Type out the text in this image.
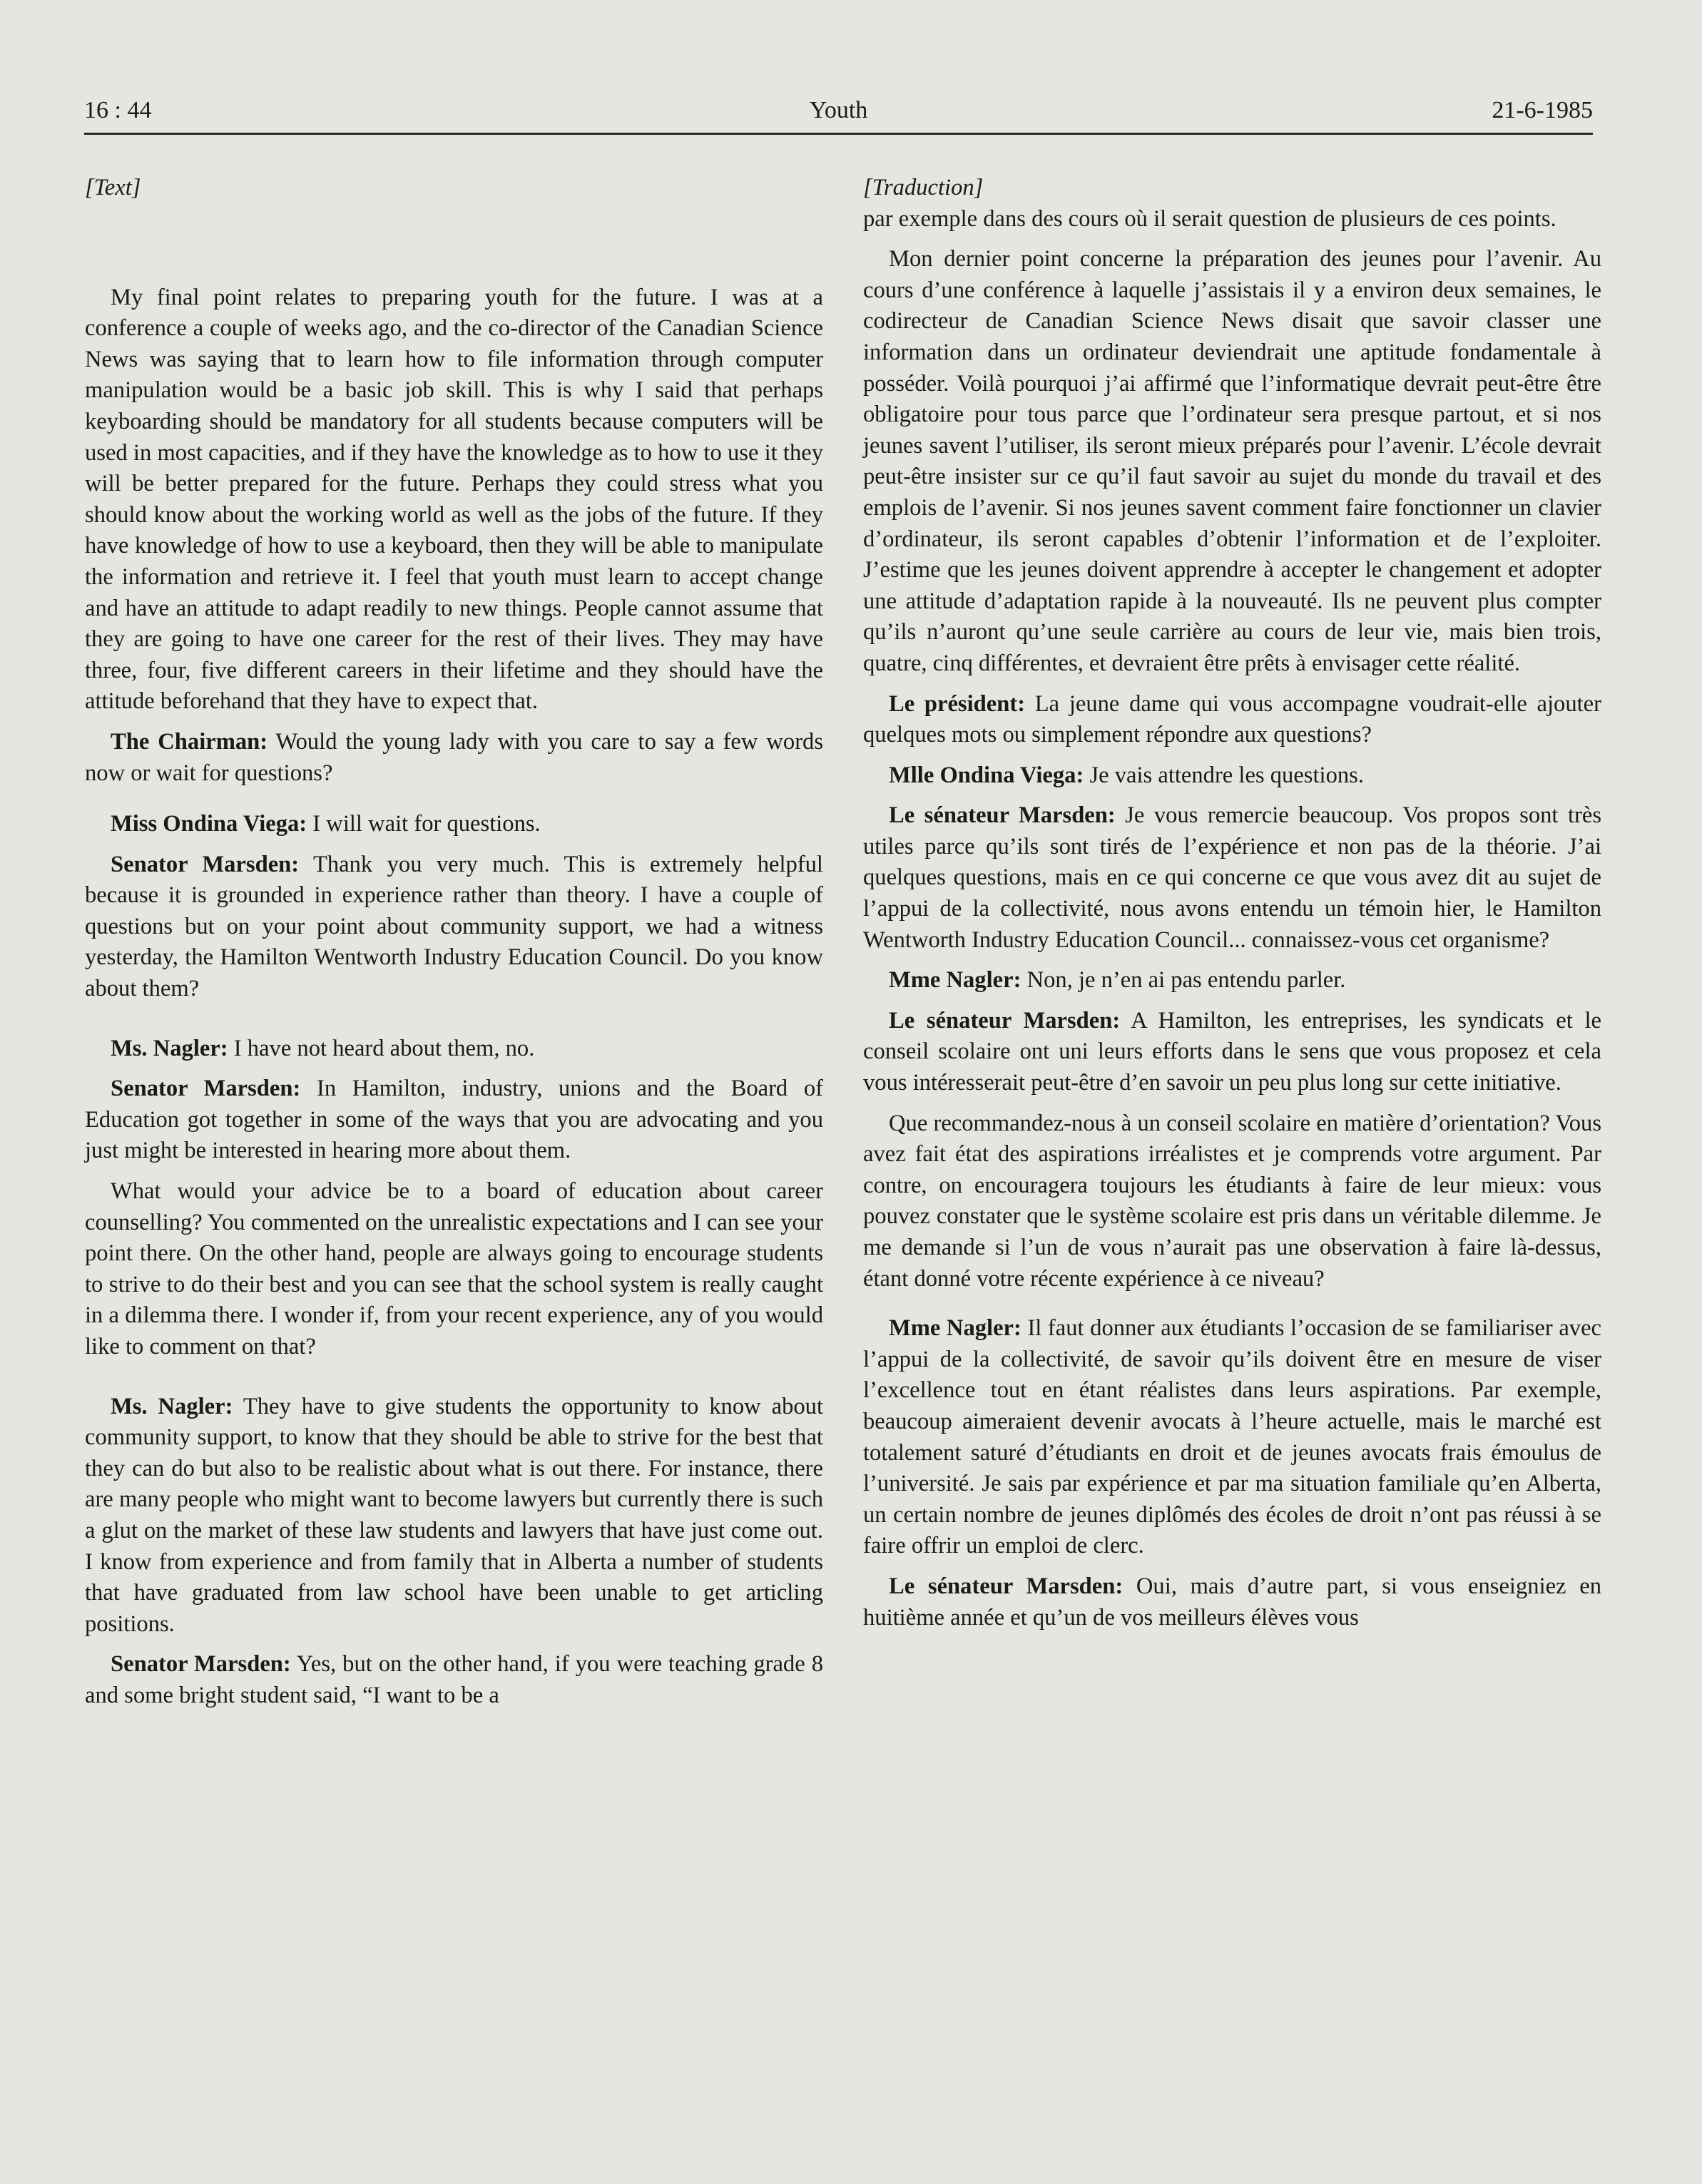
16 : 44	Youth	21-6-1985
[Text]

My final point relates to preparing youth for the future. I was at a conference a couple of weeks ago, and the co-director of the Canadian Science News was saying that to learn how to file information through computer manipulation would be a basic job skill. This is why I said that perhaps keyboarding should be mandatory for all students because computers will be used in most capacities, and if they have the knowledge as to how to use it they will be better prepared for the future. Perhaps they could stress what you should know about the working world as well as the jobs of the future. If they have knowledge of how to use a keyboard, then they will be able to manipulate the information and retrieve it. I feel that youth must learn to accept change and have an attitude to adapt readily to new things. People cannot assume that they are going to have one career for the rest of their lives. They may have three, four, five different careers in their lifetime and they should have the attitude beforehand that they have to expect that.

The Chairman: Would the young lady with you care to say a few words now or wait for questions?

Miss Ondina Viega: I will wait for questions.

Senator Marsden: Thank you very much. This is extremely helpful because it is grounded in experience rather than theory. I have a couple of questions but on your point about community support, we had a witness yesterday, the Hamilton Wentworth Industry Education Council. Do you know about them?

Ms. Nagler: I have not heard about them, no.

Senator Marsden: In Hamilton, industry, unions and the Board of Education got together in some of the ways that you are advocating and you just might be interested in hearing more about them.

What would your advice be to a board of education about career counselling? You commented on the unrealistic expectations and I can see your point there. On the other hand, people are always going to encourage students to strive to do their best and you can see that the school system is really caught in a dilemma there. I wonder if, from your recent experience, any of you would like to comment on that?

Ms. Nagler: They have to give students the opportunity to know about community support, to know that they should be able to strive for the best that they can do but also to be realistic about what is out there. For instance, there are many people who might want to become lawyers but currently there is such a glut on the market of these law students and lawyers that have just come out. I know from experience and from family that in Alberta a number of students that have graduated from law school have been unable to get articling positions.

Senator Marsden: Yes, but on the other hand, if you were teaching grade 8 and some bright student said, “I want to be a

[Traduction]

par exemple dans des cours où il serait question de plusieurs de ces points.

Mon dernier point concerne la préparation des jeunes pour l’avenir. Au cours d’une conférence à laquelle j’assistais il y a environ deux semaines, le codirecteur de Canadian Science News disait que savoir classer une information dans un ordinateur deviendrait une aptitude fondamentale à posséder. Voilà pourquoi j’ai affirmé que l’informatique devrait peut-être être obligatoire pour tous parce que l’ordinateur sera presque partout, et si nos jeunes savent l’utiliser, ils seront mieux préparés pour l’avenir. L’école devrait peut-être insister sur ce qu’il faut savoir au sujet du monde du travail et des emplois de l’avenir. Si nos jeunes savent comment faire fonctionner un clavier d’ordinateur, ils seront capables d’obtenir l’information et de l’exploiter. J’estime que les jeunes doivent apprendre à accepter le changement et adopter une attitude d’adaptation rapide à la nouveauté. Ils ne peuvent plus compter qu’ils n’auront qu’une seule carrière au cours de leur vie, mais bien trois, quatre, cinq différentes, et devraient être prêts à envisager cette réalité.

Le président: La jeune dame qui vous accompagne voudrait-elle ajouter quelques mots ou simplement répondre aux questions?

Mlle Ondina Viega: Je vais attendre les questions.

Le sénateur Marsden: Je vous remercie beaucoup. Vos propos sont très utiles parce qu’ils sont tirés de l’expérience et non pas de la théorie. J’ai quelques questions, mais en ce qui concerne ce que vous avez dit au sujet de l’appui de la collectivité, nous avons entendu un témoin hier, le Hamilton Wentworth Industry Education Council... connaissez-vous cet organisme?

Mme Nagler: Non, je n’en ai pas entendu parler.

Le sénateur Marsden: A Hamilton, les entreprises, les syndicats et le conseil scolaire ont uni leurs efforts dans le sens que vous proposez et cela vous intéresserait peut-être d’en savoir un peu plus long sur cette initiative.

Que recommandez-nous à un conseil scolaire en matière d’orientation? Vous avez fait état des aspirations irréalistes et je comprends votre argument. Par contre, on encouragera toujours les étudiants à faire de leur mieux: vous pouvez constater que le système scolaire est pris dans un véritable dilemme. Je me demande si l’un de vous n’aurait pas une observation à faire là-dessus, étant donné votre récente expérience à ce niveau?

Mme Nagler: Il faut donner aux étudiants l’occasion de se familiariser avec l’appui de la collectivité, de savoir qu’ils doivent être en mesure de viser l’excellence tout en étant réalistes dans leurs aspirations. Par exemple, beaucoup aimeraient devenir avocats à l’heure actuelle, mais le marché est totalement saturé d’étudiants en droit et de jeunes avocats frais émoulus de l’université. Je sais par expérience et par ma situation familiale qu’en Alberta, un certain nombre de jeunes diplômés des écoles de droit n’ont pas réussi à se faire offrir un emploi de clerc.

Le sénateur Marsden: Oui, mais d’autre part, si vous enseigniez en huitième année et qu’un de vos meilleurs élèves vous
